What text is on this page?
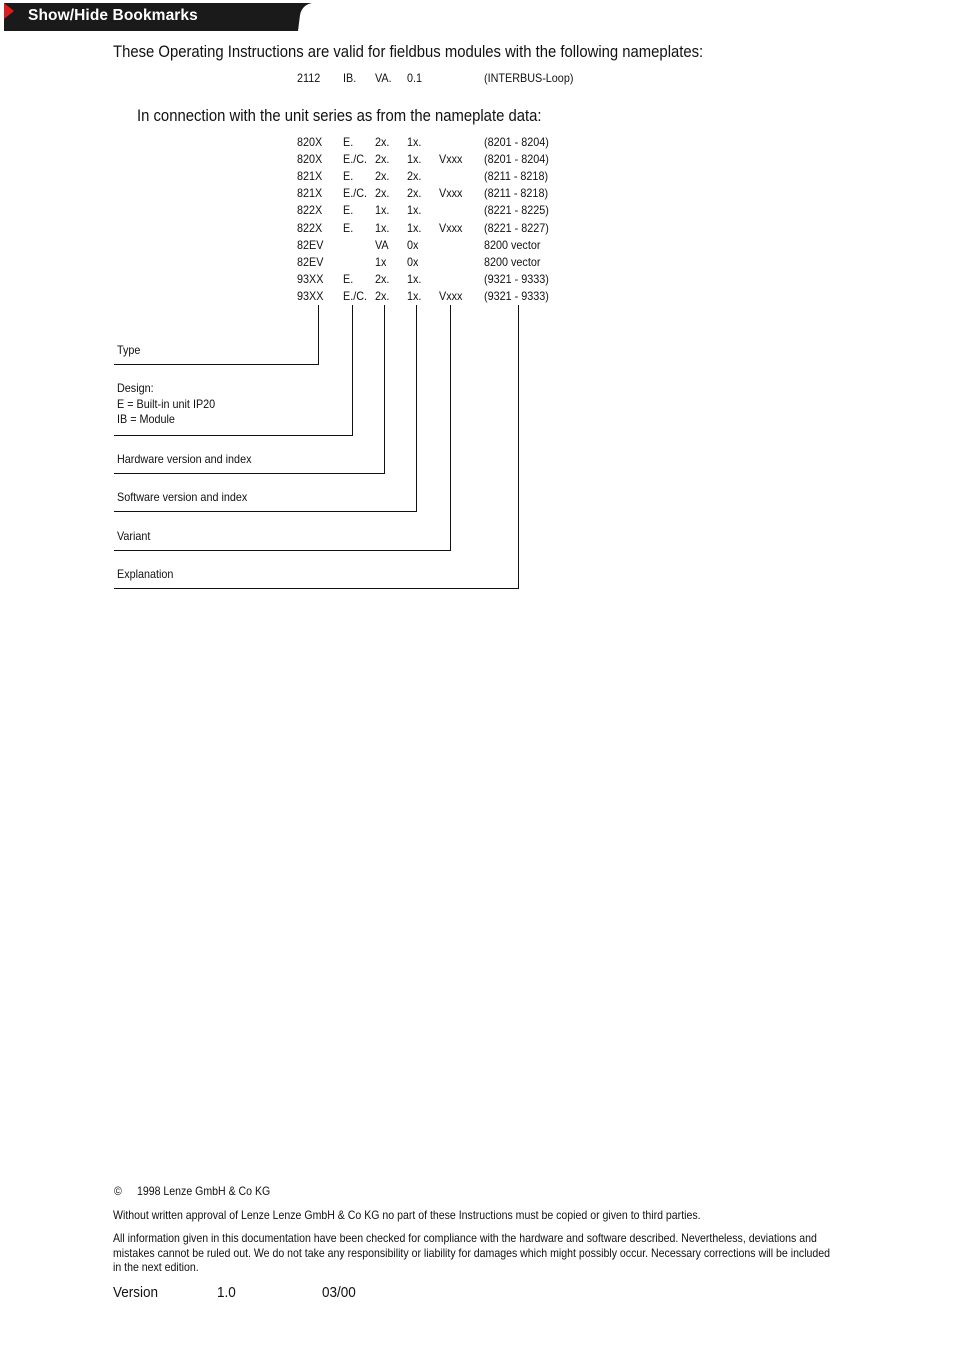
Show/Hide Bookmarks
These Operating Instructions are valid for fieldbus modules with the following nameplates:
2112 IB. VA. 0.1	(INTERBUS-Loop)
In connection with the unit series as from the nameplate data:
820X E. 2x. 1x.	(8201 - 8204)
820X E./C. 2x. 1x. Vxxx (8201 - 8204)
821X E. 2x. 2x.	(8211 - 8218)
821X E./C. 2x. 2x. Vxxx (8211 - 8218)
822X E. 1x. 1x.	(8221 - 8225)
822X E. 1x. 1x. Vxxx (8221 - 8227)
82EV	VA 0x	8200 vector
82EV	1x 0x	8200 vector
93XX E. 2x. 1x.	(9321 - 9333)
93XX E./C. 2x. 1x. Vxxx (9321 - 9333)
Type
Design:
E = Built-in unit IP20
IB = Module
Hardware version and index
Software version and index
Variant
Explanation
© 1998 Lenze GmbH & Co KG
Without written approval of Lenze Lenze GmbH & Co KG no part of these Instructions must be copied or given to third parties.
All information given in this documentation have been checked for compliance with the hardware and software described. Nevertheless, deviations and
mistakes cannot be ruled out. We do not take any responsibility or liability for damages which might possibly occur. Necessary corrections will be included
in the next edition.
Version	1.0	03/00
